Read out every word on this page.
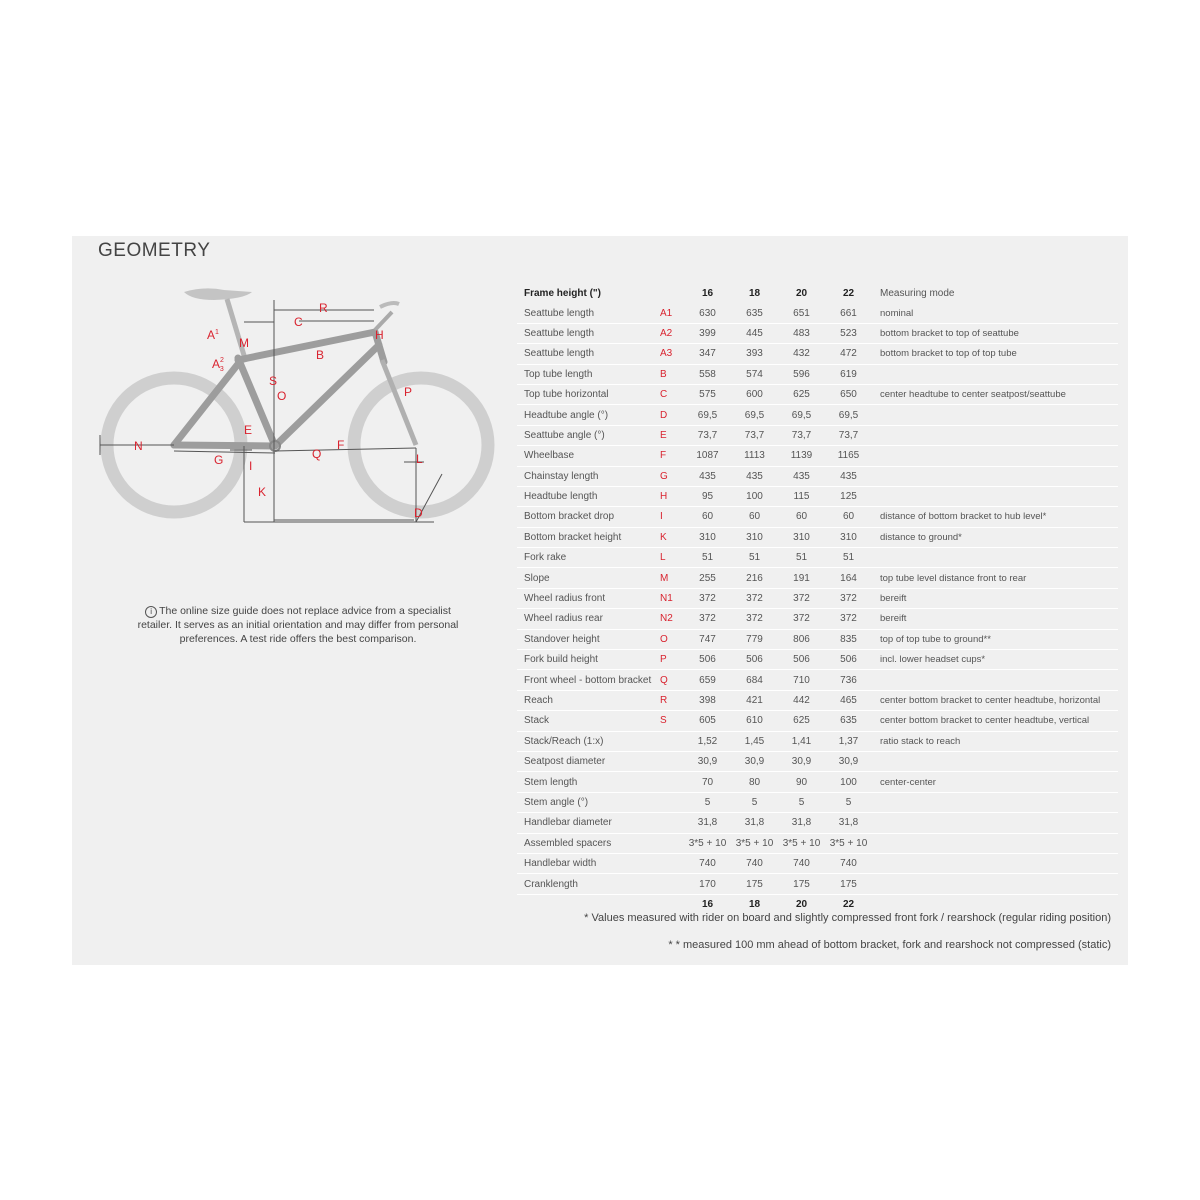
GEOMETRY
$A^1$
M
$A^2$ 3
C
R
H
B
S
O	P
E
N
G I
Q
F
L
K
D
i The online size guide does not replace advice from a specialist retailer. It serves as an initial orientation and may differ from personal preferences. A test ride offers the best comparison.
Frame height (")		16	18	20	22	Measuring mode
Seattube length	A1	630	635	651	661	nominal
Seattube length	A2	399	445	483	523	bottom bracket to top of seattube
Seattube length	A3	347	393	432	472	bottom bracket to top of top tube
Top tube length	B	558	574	596	619	
Top tube horizontal	C	575	600	625	650	center headtube to center seatpost/seattube
Headtube angle (°)	D	69,5	69,5	69,5	69,5	
Seattube angle (°)	E	73,7	73,7	73,7	73,7	
Wheelbase	F	1087	1113	1139	1165	
Chainstay length	G	435	435	435	435	
Headtube length	H	95	100	115	125	
Bottom bracket drop	I	60	60	60	60	distance of bottom bracket to hub level*
Bottom bracket height	K	310	310	310	310	distance to ground*
Fork rake	L	51	51	51	51	
Slope	M	255	216	191	164	top tube level distance front to rear
Wheel radius front	N1	372	372	372	372	bereift
Wheel radius rear	N2	372	372	372	372	bereift
Standover height	O	747	779	806	835	top of top tube to ground**
Fork build height	P	506	506	506	506	incl. lower headset cups*
Front wheel - bottom bracket	Q	659	684	710	736	
Reach	R	398	421	442	465	center bottom bracket to center headtube, horizontal
Stack	S	605	610	625	635	center bottom bracket to center headtube, vertical
Stack/Reach (1:x)		1,52	1,45	1,41	1,37	ratio stack to reach
Seatpost diameter		30,9	30,9	30,9	30,9	
Stem length		70	80	90	100	center-center
Stem angle (°)		5	5	5	5	
Handlebar diameter		31,8	31,8	31,8	31,8	
Assembled spacers		3*5 + 10	3*5 + 10	3*5 + 10	3*5 + 10	
Handlebar width		740	740	740	740	
Cranklength		170	175	175	175	
		16	18	20	22	
* Values measured with rider on board and slightly compressed front fork / rearshock (regular riding position)
* * measured 100 mm ahead of bottom bracket, fork and rearshock not compressed (static)
